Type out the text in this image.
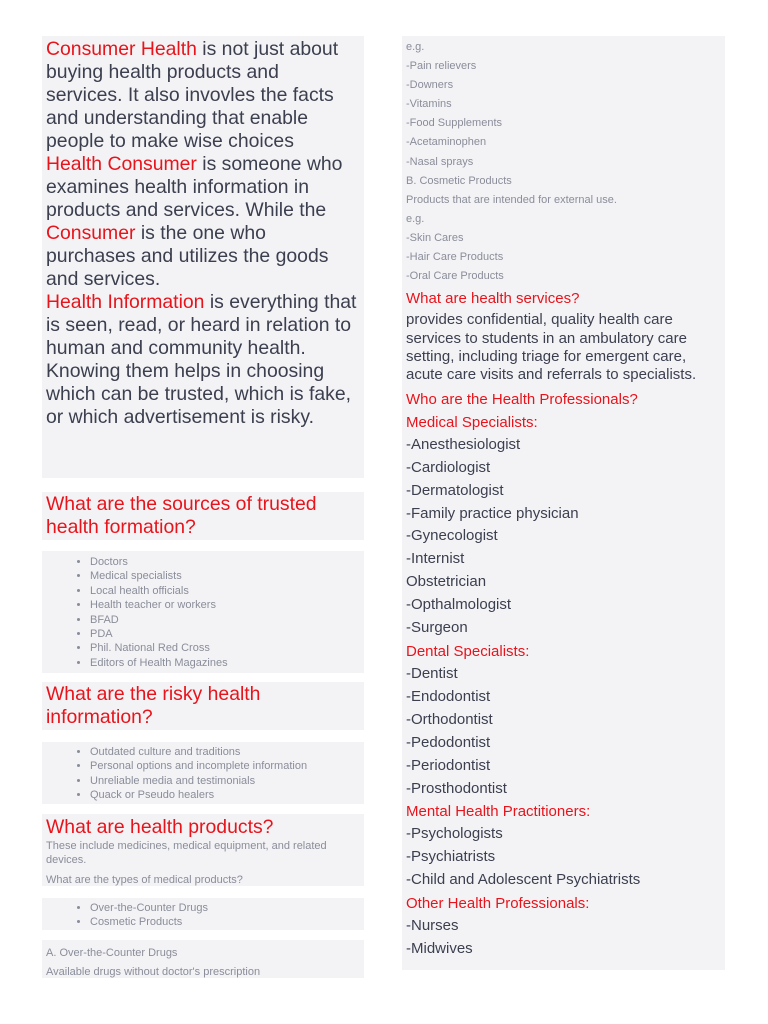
Consumer Health is not just about buying health products and services. It also invovles the facts and understanding that enable people to make wise choices

Health Consumer is someone who examines health information in products and services. While the Consumer is the one who purchases and utilizes the goods and services.

Health Information is everything that is seen, read, or heard in relation to human and community health. Knowing them helps in choosing which can be trusted, which is fake, or which advertisement is risky.

What are the sources of trusted health formation?
• Doctors
• Medical specialists
• Local health officials
• Health teacher or workers
• BFAD
• PDA
• Phil. National Red Cross
• Editors of Health Magazines
What are the risky health information?
• Outdated culture and traditions
• Personal options and incomplete information
• Unreliable media and testimonials
• Quack or Pseudo healers
What are health products?

These include medicines, medical equipment, and related devices.

What are the types of medical products?

• Over-the-Counter Drugs
• Cosmetic Products

A. Over-the-Counter Drugs

Available drugs without doctor's prescription

e.g.

-Pain relievers

-Downers

-Vitamins

-Food Supplements

-Acetaminophen

-Nasal sprays

B. Cosmetic Products

Products that are intended for external use.

e.g.

-Skin Cares

-Hair Care Products

-Oral Care Products

What are health services?

provides confidential, quality health care services to students in an ambulatory care setting, including triage for emergent care, acute care visits and referrals to specialists.

Who are the Health Professionals?
Medical Specialists:

-Anesthesiologist

-Cardiologist

-Dermatologist

-Family practice physician

-Gynecologist

-Internist

Obstetrician

-Opthalmologist

-Surgeon

Dental Specialists:

-Dentist

-Endodontist

-Orthodontist

-Pedodontist

-Periodontist

-Prosthodontist

Mental Health Practitioners:

-Psychologists

-Psychiatrists

-Child and Adolescent Psychiatrists

Other Health Professionals:

-Nurses

-Midwives
